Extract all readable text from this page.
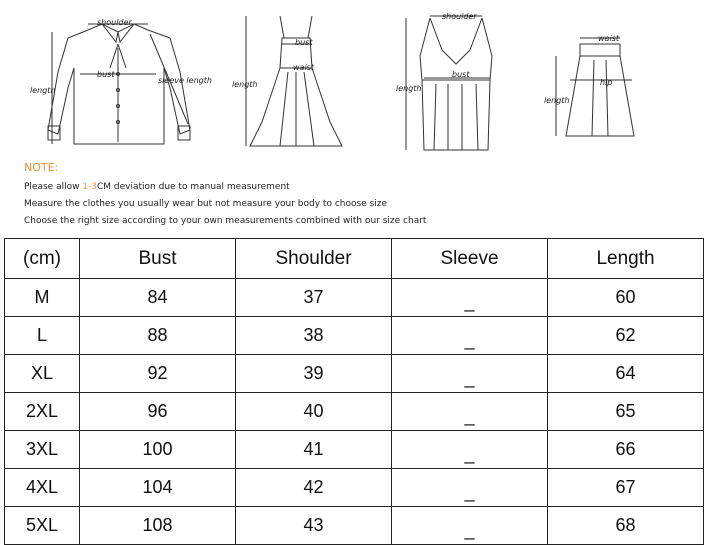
shoulder
bust
sleeve length
length
bust
waist
length
shoulder
bust
length
waist
hip
length
NOTE:
Please allow 1-3CM deviation due to manual measurement
Measure the clothes you usually wear but not measure your body to choose size
Choose the right size according to your own measurements combined with our size chart
(cm)	Bust	Shoulder	Sleeve	Length
M	84	37	_	60
L	88	38	_	62
XL	92	39	_	64
2XL	96	40	_	65
3XL	100	41	_	66
4XL	104	42	_	67
5XL	108	43	_	68
